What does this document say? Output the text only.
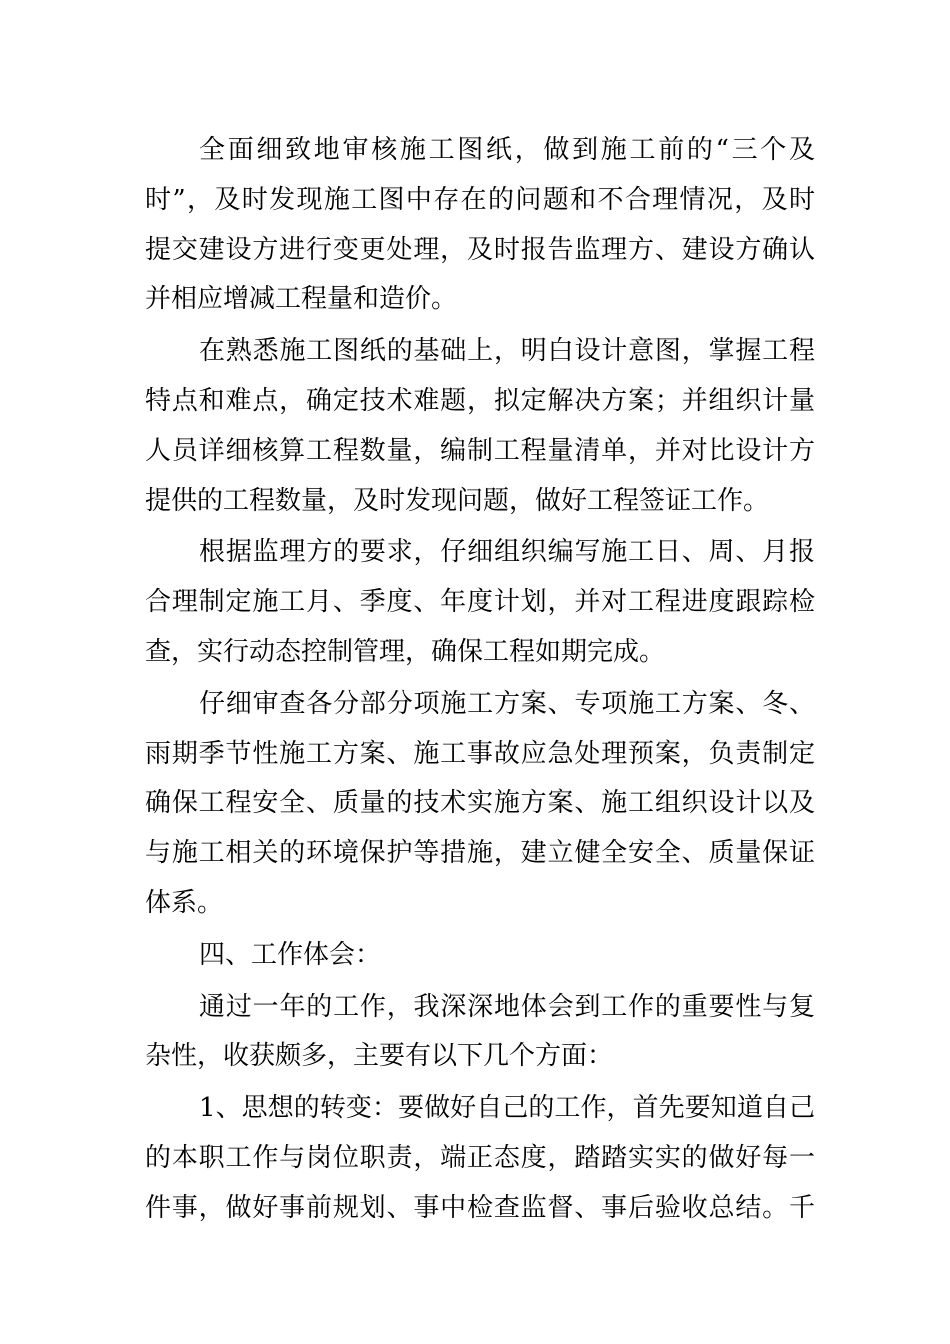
全面细致地审核施工图纸，做到施工前的“三个及
时”，及时发现施工图中存在的问题和不合理情况，及时
提交建设方进行变更处理，及时报告监理方、建设方确认
并相应增减工程量和造价。
在熟悉施工图纸的基础上，明白设计意图，掌握工程
特点和难点，确定技术难题，拟定解决方案；并组织计量
人员详细核算工程数量，编制工程量清单，并对比设计方
提供的工程数量，及时发现问题，做好工程签证工作。
根据监理方的要求，仔细组织编写施工日、周、月报
合理制定施工月、季度、年度计划，并对工程进度跟踪检
查，实行动态控制管理，确保工程如期完成。
仔细审查各分部分项施工方案、专项施工方案、冬、
雨期季节性施工方案、施工事故应急处理预案，负责制定
确保工程安全、质量的技术实施方案、施工组织设计以及
与施工相关的环境保护等措施，建立健全安全、质量保证
体系。
四、工作体会：
通过一年的工作，我深深地体会到工作的重要性与复
杂性，收获颇多，主要有以下几个方面：
1、思想的转变：要做好自己的工作，首先要知道自己
的本职工作与岗位职责，端正态度，踏踏实实的做好每一
件事，做好事前规划、事中检查监督、事后验收总结。千
